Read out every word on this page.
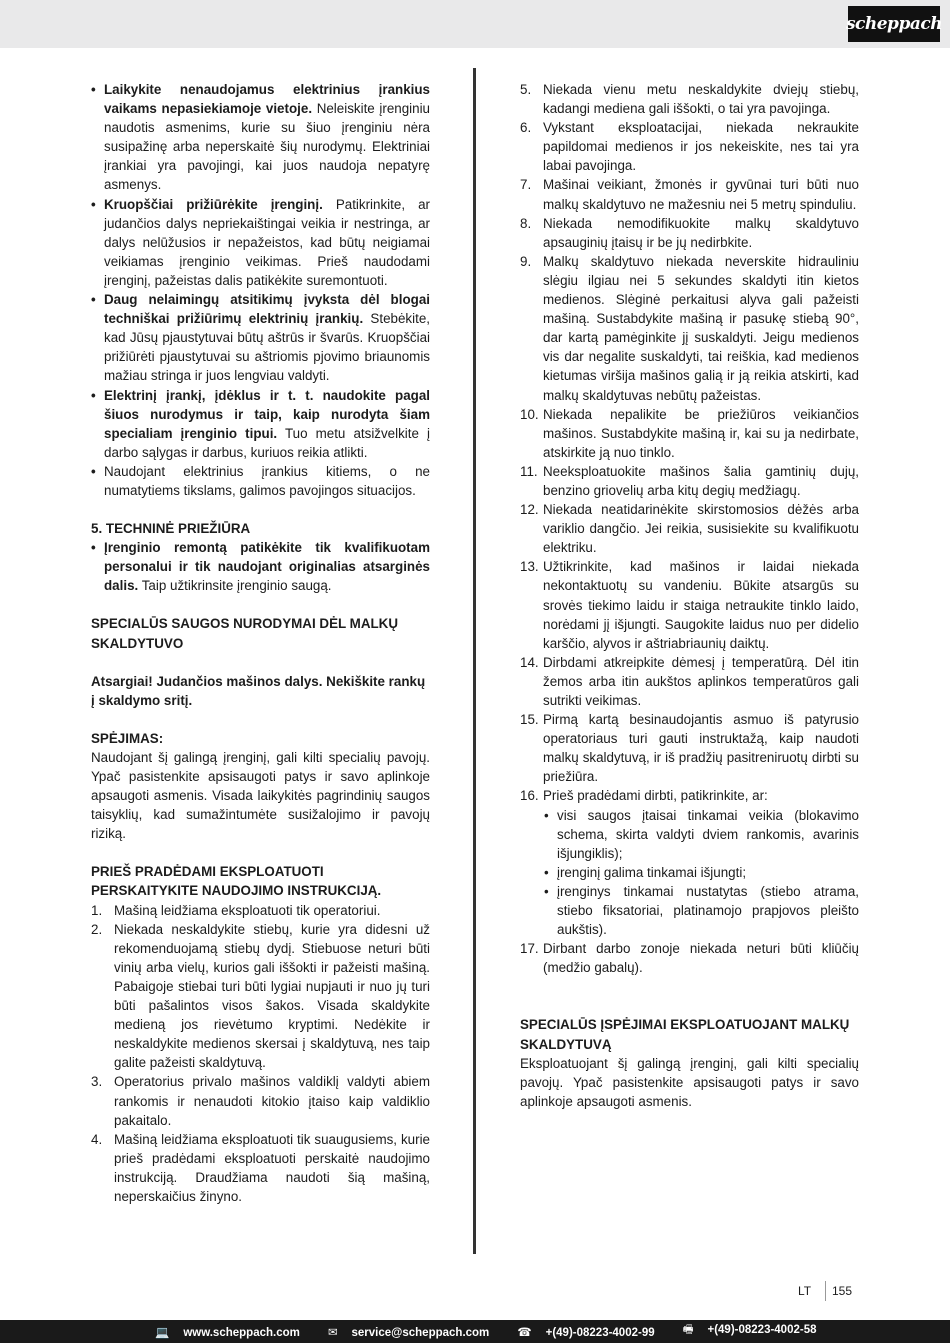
scheppach
• Laikykite nenaudojamus elektrinius įrankius vaikams nepasiekiamoje vietoje. Neleiskite įrenginiu naudotis asmenims, kurie su šiuo įrenginiu nėra susipažinę arba neperskaitė šių nurodymų. Elektriniai įrankiai yra pavojingi, kai juos naudoja nepatyrę asmenys.
• Kruopščiai prižiūrėkite įrenginį. Patikrinkite, ar judančios dalys nepriekaištingai veikia ir nestringa, ar dalys nelūžusios ir nepažeistos, kad būtų neigiamai veikiamas įrenginio veikimas. Prieš naudodami įrenginį, pažeistas dalis patikėkite suremontuoti.
• Daug nelaimingų atsitikimų įvyksta dėl blogai techniškai prižiūrimų elektrinių įrankių. Stebėkite, kad Jūsų pjaustytuvai būtų aštrūs ir švarūs. Kruopščiai prižiūrėti pjaustytuvai su aštriomis pjovimo briaunomis mažiau stringa ir juos lengviau valdyti.
• Elektrinį įrankį, įdėklus ir t. t. naudokite pagal šiuos nurodymus ir taip, kaip nurodyta šiam specialiam įrenginio tipui. Tuo metu atsižvelkite į darbo sąlygas ir darbus, kuriuos reikia atlikti.
• Naudojant elektrinius įrankius kitiems, o ne numatytiems tikslams, galimos pavojingos situacijos.
5. TECHNINĖ PRIEŽIŪRA
• Įrenginio remontą patikėkite tik kvalifikuotam personalui ir tik naudojant originalias atsarginės dalis. Taip užtikrinsite įrenginio saugą.
SPECIALŪS SAUGOS NURODYMAI DĖL MALKŲ SKALDYTUVO
Atsargiai! Judančios mašinos dalys. Nekiškite rankų į skaldymo sritį.
SPĖJIMAS:

Naudojant šį galingą įrenginį, gali kilti specialių pavojų. Ypač pasistenkite apsisaugoti patys ir savo aplinkoje apsaugoti asmenis. Visada laikykitės pagrindinių saugos taisyklių, kad sumažintumėte susižalojimo ir pavojų riziką.

PRIEŠ PRADĖDAMI EKSPLOATUOTI PERSKAITYKITE NAUDOJIMO INSTRUKCIJĄ.
1. Mašiną leidžiama eksploatuoti tik operatoriui.
2. Niekada neskaldykite stiebų, kurie yra didesni už rekomenduojamą stiebų dydį. Stiebuose neturi būti vinių arba vielų, kurios gali iššokti ir pažeisti mašiną. Pabaigoje stiebai turi būti lygiai nupjauti ir nuo jų turi būti pašalintos visos šakos. Visada skaldykite medieną jos rievėtumo kryptimi. Nedėkite ir neskaldykite medienos skersai į skaldytuvą, nes taip galite pažeisti skaldytuvą.
3. Operatorius privalo mašinos valdiklį valdyti abiem rankomis ir nenaudoti kitokio įtaiso kaip valdiklio pakaitalo.
4. Mašiną leidžiama eksploatuoti tik suaugusiems, kurie prieš pradėdami eksploatuoti perskaitė naudojimo instrukciją. Draudžiama naudoti šią mašiną, neperskaičius žinyno.
5. Niekada vienu metu neskaldykite dviejų stiebų, kadangi mediena gali iššokti, o tai yra pavojinga.
6. Vykstant eksploatacijai, niekada nekraukite papildomai medienos ir jos nekeiskite, nes tai yra labai pavojinga.
7. Mašinai veikiant, žmonės ir gyvūnai turi būti nuo malkų skaldytuvo ne mažesniu nei 5 metrų spinduliu.
8. Niekada nemodifikuokite malkų skaldytuvo apsauginių įtaisų ir be jų nedirbkite.
9. Malkų skaldytuvo niekada neverskite hidrauliniu slėgiu ilgiau nei 5 sekundes skaldyti itin kietos medienos. Slėginė perkaitusi alyva gali pažeisti mašiną. Sustabdykite mašiną ir pasukę stiebą 90°, dar kartą pamėginkite jį suskaldyti. Jeigu medienos vis dar negalite suskaldyti, tai reiškia, kad medienos kietumas viršija mašinos galią ir ją reikia atskirti, kad malkų skaldytuvas nebūtų pažeistas.
10. Niekada nepalikite be priežiūros veikiančios mašinos. Sustabdykite mašiną ir, kai su ja nedirbate, atskirkite ją nuo tinklo.
11. Neeksploatuokite mašinos šalia gamtinių dujų, benzino griovelių arba kitų degių medžiagų.
12. Niekada neatidarinėkite skirstomosios dėžės arba variklio dangčio. Jei reikia, susisiekite su kvalifikuotu elektriku.
13. Užtikrinkite, kad mašinos ir laidai niekada nekontaktuotų su vandeniu. Būkite atsargūs su srovės tiekimo laidu ir staiga netraukite tinklo laido, norėdami jį išjungti. Saugokite laidus nuo per didelio karščio, alyvos ir aštriabriaunių daiktų.
14. Dirbdami atkreipkite dėmesį į temperatūrą. Dėl itin žemos arba itin aukštos aplinkos temperatūros gali sutrikti veikimas.
15. Pirmą kartą besinaudojantis asmuo iš patyrusio operatoriaus turi gauti instruktažą, kaip naudoti malkų skaldytuvą, ir iš pradžių pasitreniruotų dirbti su priežiūra.
16. Prieš pradėdami dirbti, patikrinkite, ar:
• visi saugos įtaisai tinkamai veikia (blokavimo schema, skirta valdyti dviem rankomis, avarinis išjungiklis);
• įrenginį galima tinkamai išjungti;
• įrenginys tinkamai nustatytas (stiebo atrama, stiebo fiksatoriai, platinamojo prapjovos pleišto aukštis).
17. Dirbant darbo zonoje niekada neturi būti kliūčių (medžio gabalų).
SPECIALŪS ĮSPĖJIMAI EKSPLOATUOJANT MALKŲ SKALDYTUVĄ

Eksploatuojant šį galingą įrenginį, gali kilti specialių pavojų. Ypač pasistenkite apsisaugoti patys ir savo aplinkoje apsaugoti asmenis.

LT 155
💻 www.scheppach.com	✉ service@scheppach.com	☎ +(49)-08223-4002-99	🖷 +(49)-08223-4002-58
